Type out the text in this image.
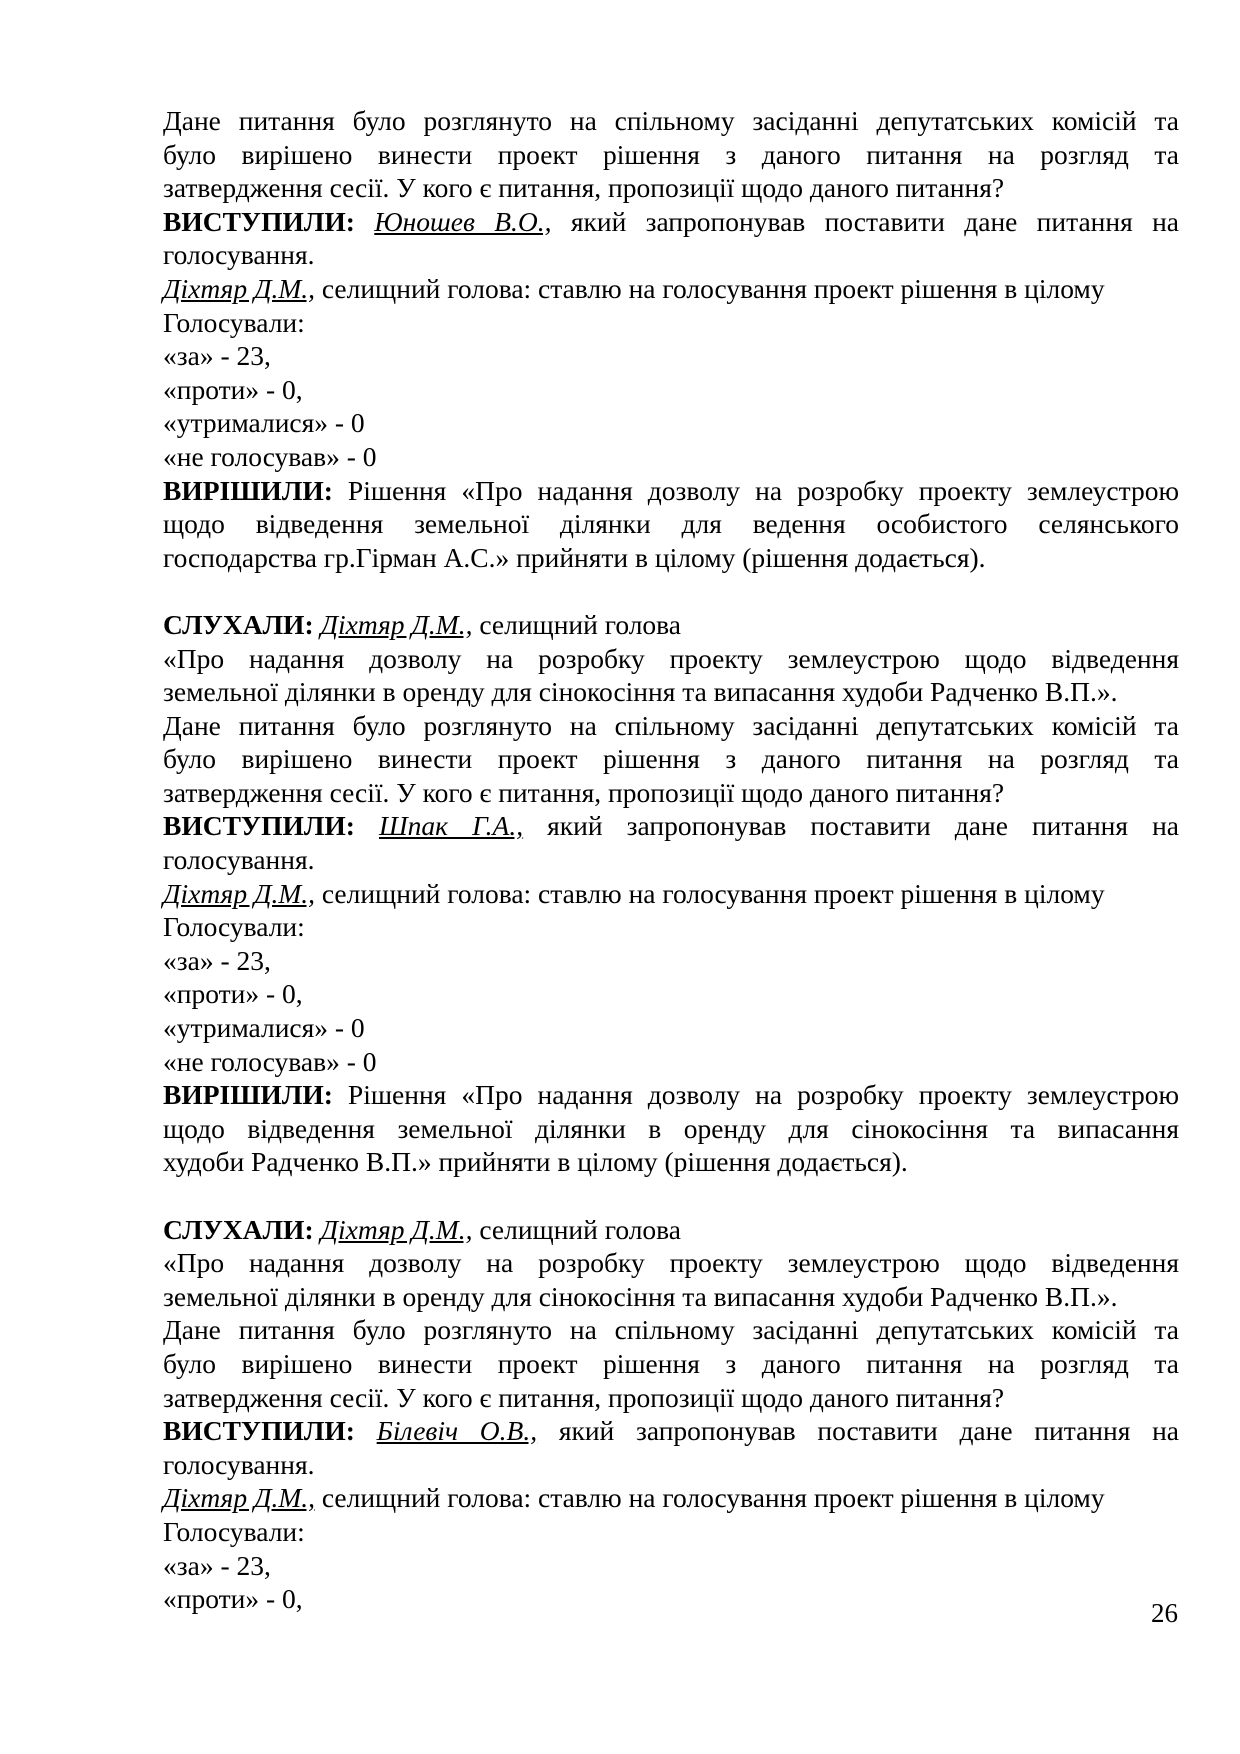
Дане питання було розглянуто на спільному засіданні депутатських комісій та
було вирішено винести проект рішення з даного питання на розгляд та
затвердження сесії. У кого є питання, пропозиції щодо даного питання?
ВИСТУПИЛИ: Юношев В.О., який запропонував поставити дане питання на
голосування.
Діхтяр Д.М., селищний голова: ставлю на голосування проект рішення в цілому
Голосували:
«за» - 23,
«проти» - 0,
«утрималися» - 0
«не голосував» - 0
ВИРІШИЛИ: Рішення «Про надання дозволу на розробку проекту землеустрою
щодо відведення земельної ділянки для ведення особистого селянського
господарства гр.Гірман А.С.» прийняти в цілому (рішення додається).
СЛУХАЛИ: Діхтяр Д.М., селищний голова
«Про надання дозволу на розробку проекту землеустрою щодо відведення
земельної ділянки в оренду для сінокосіння та випасання худоби Радченко В.П.».
Дане питання було розглянуто на спільному засіданні депутатських комісій та
було вирішено винести проект рішення з даного питання на розгляд та
затвердження сесії. У кого є питання, пропозиції щодо даного питання?
ВИСТУПИЛИ: Шпак Г.А., який запропонував поставити дане питання на
голосування.
Діхтяр Д.М., селищний голова: ставлю на голосування проект рішення в цілому
Голосували:
«за» - 23,
«проти» - 0,
«утрималися» - 0
«не голосував» - 0
ВИРІШИЛИ: Рішення «Про надання дозволу на розробку проекту землеустрою
щодо відведення земельної ділянки в оренду для сінокосіння та випасання
худоби Радченко В.П.» прийняти в цілому (рішення додається).
СЛУХАЛИ: Діхтяр Д.М., селищний голова
«Про надання дозволу на розробку проекту землеустрою щодо відведення
земельної ділянки в оренду для сінокосіння та випасання худоби Радченко В.П.».
Дане питання було розглянуто на спільному засіданні депутатських комісій та
було вирішено винести проект рішення з даного питання на розгляд та
затвердження сесії. У кого є питання, пропозиції щодо даного питання?
ВИСТУПИЛИ: Білевіч О.В., який запропонував поставити дане питання на
голосування.
Діхтяр Д.М., селищний голова: ставлю на голосування проект рішення в цілому
Голосували:
«за» - 23,
«проти» - 0,	26
